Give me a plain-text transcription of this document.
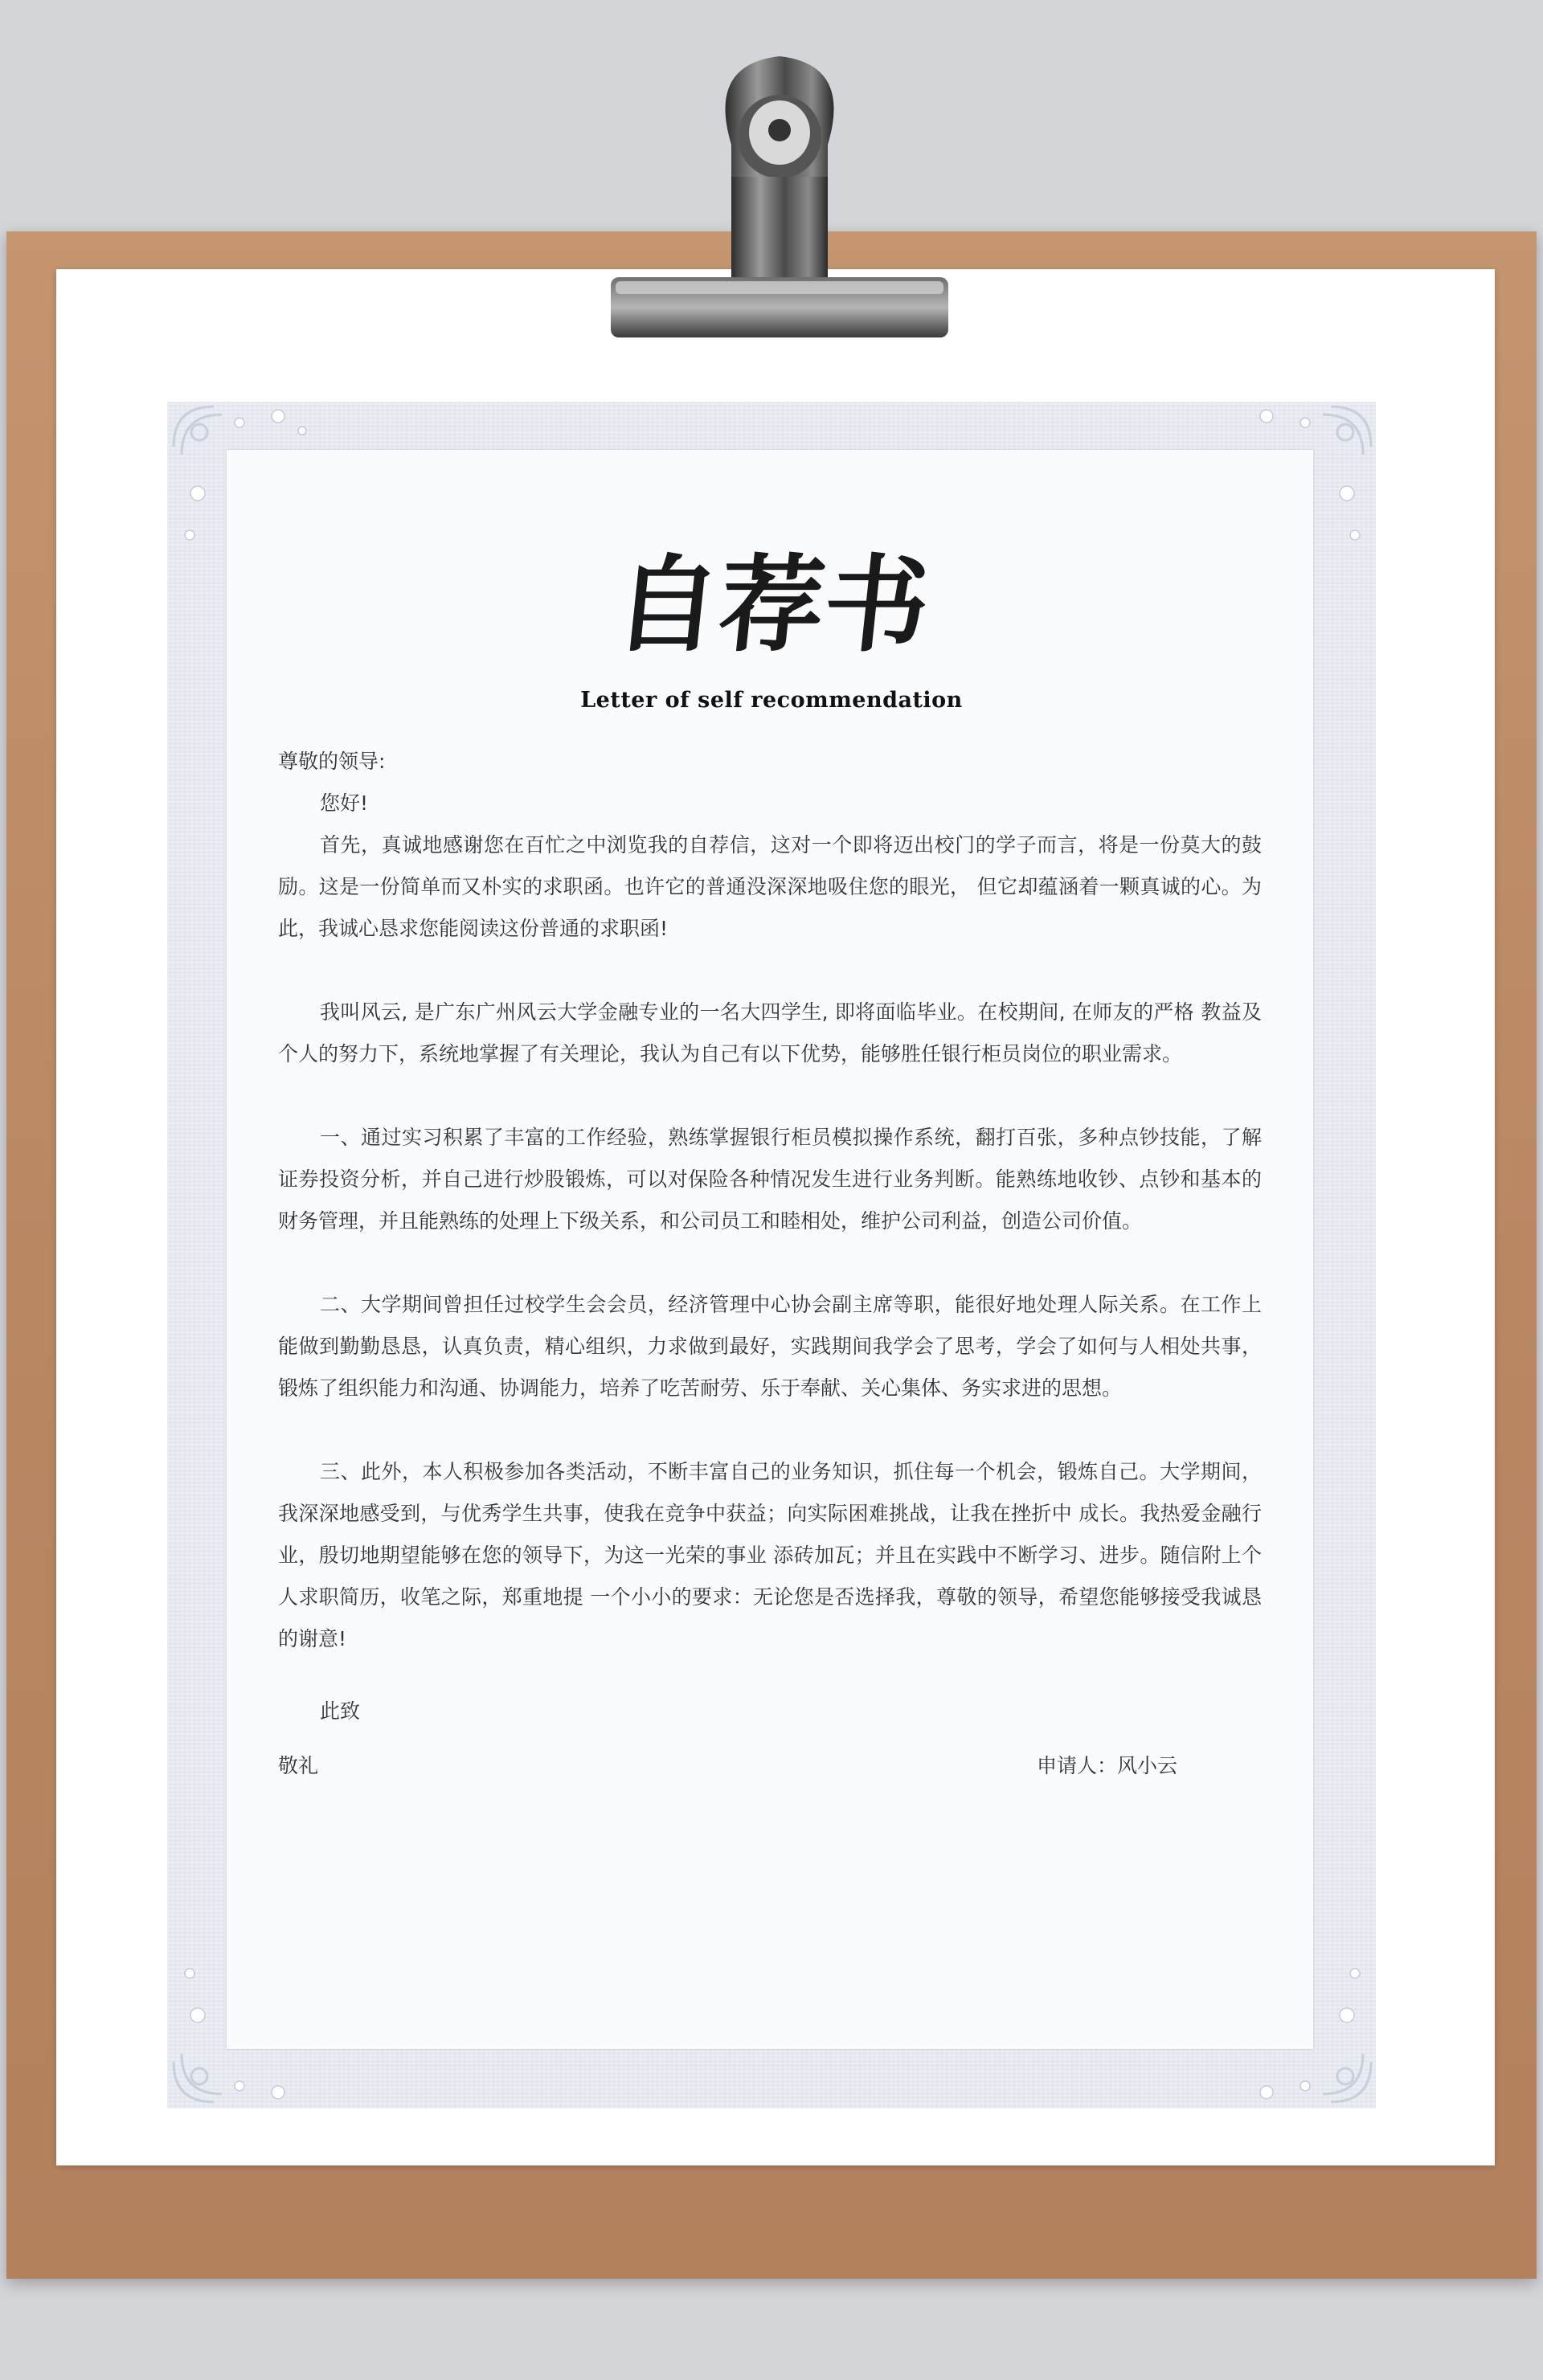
自荐书
Letter of self recommendation

尊敬的领导:

您好!

首先，真诚地感谢您在百忙之中浏览我的自荐信，这对一个即将迈出校门的学子而言，将是一份莫大的鼓励。这是一份简单而又朴实的求职函。也许它的普通没深深地吸住您的眼光， 但它却蕴涵着一颗真诚的心。为此，我诚心恳求您能阅读这份普通的求职函!

我叫风云, 是广东广州风云大学金融专业的一名大四学生, 即将面临毕业。在校期间, 在师友的严格 教益及个人的努力下，系统地掌握了有关理论，我认为自己有以下优势，能够胜任银行柜员岗位的职业需求。

一、通过实习积累了丰富的工作经验，熟练掌握银行柜员模拟操作系统，翻打百张，多种点钞技能，了解证券投资分析，并自己进行炒股锻炼，可以对保险各种情况发生进行业务判断。能熟练地收钞、点钞和基本的财务管理，并且能熟练的处理上下级关系，和公司员工和睦相处，维护公司利益，创造公司价值。

二、大学期间曾担任过校学生会会员，经济管理中心协会副主席等职，能很好地处理人际关系。在工作上能做到勤勤恳恳，认真负责，精心组织，力求做到最好，实践期间我学会了思考，学会了如何与人相处共事，锻炼了组织能力和沟通、协调能力，培养了吃苦耐劳、乐于奉献、关心集体、务实求进的思想。

三、此外，本人积极参加各类活动，不断丰富自己的业务知识，抓住每一个机会，锻炼自己。大学期间，我深深地感受到，与优秀学生共事，使我在竞争中获益；向实际困难挑战，让我在挫折中 成长。我热爱金融行业，殷切地期望能够在您的领导下，为这一光荣的事业 添砖加瓦；并且在实践中不断学习、进步。随信附上个人求职简历，收笔之际，郑重地提 一个小小的要求：无论您是否选择我，尊敬的领导，希望您能够接受我诚恳的谢意!

此致
敬礼	申请人：风小云
